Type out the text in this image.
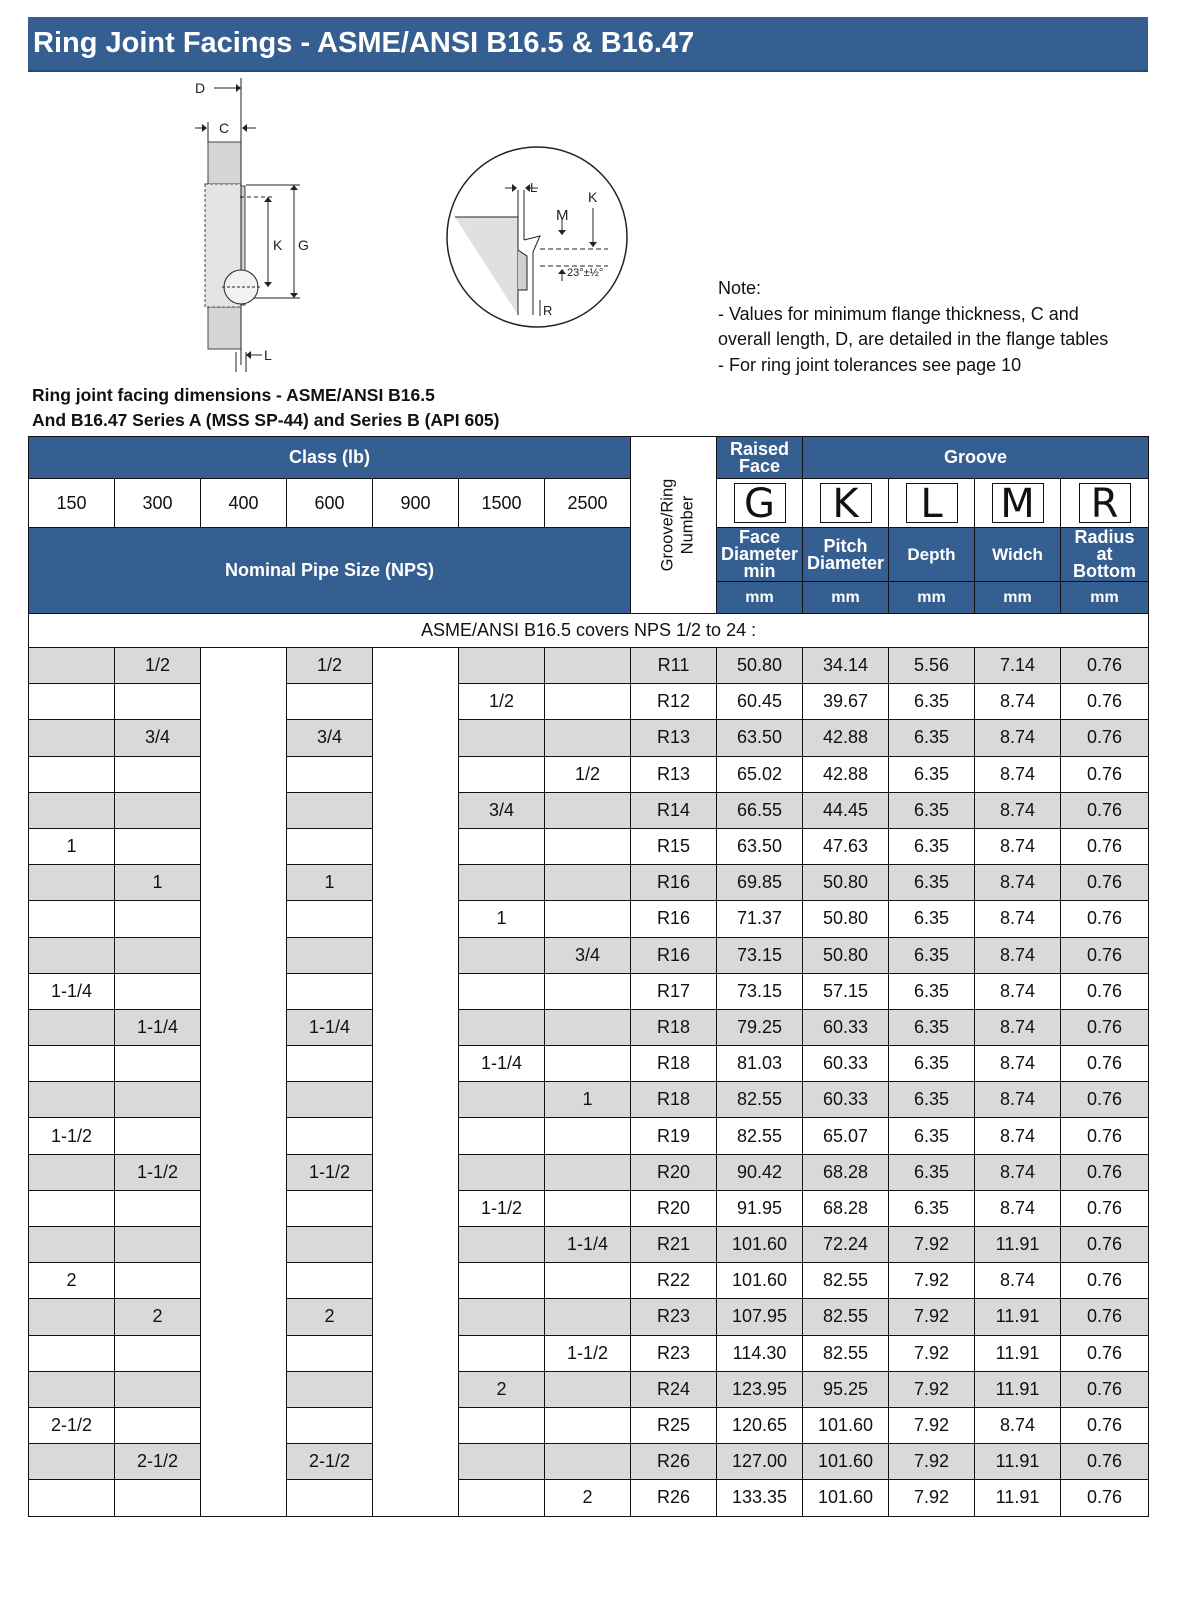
Ring Joint Facings - ASME/ANSI B16.5 & B16.47
D
C
K G
L
M
K
L
23°±½°
R
Note:
- Values for minimum flange thickness, C and
overall length, D, are detailed in the flange tables
- For ring joint tolerances see page 10
Ring joint facing dimensions - ASME/ANSI B16.5
And B16.47 Series A (MSS SP-44) and Series B (API 605)
Class (lb)							Groove/Ring Number	Raised
Face	Groove			
150	300	400	600	900	1500	2500		G	K	L	M	R
Nominal Pipe Size (NPS)								Face
Diameter
min	Pitch
Diameter	Depth	Widch	Radius
at
Bottom
								mm	mm	mm	mm	mm
ASME/ANSI B16.5 covers NPS 1/2 to 24 :												
	1/2		1/2				R11	50.80	34.14	5.56	7.14	0.76
					1/2		R12	60.45	39.67	6.35	8.74	0.76
	3/4		3/4				R13	63.50	42.88	6.35	8.74	0.76
						1/2	R13	65.02	42.88	6.35	8.74	0.76
					3/4		R14	66.55	44.45	6.35	8.74	0.76
1							R15	63.50	47.63	6.35	8.74	0.76
	1		1				R16	69.85	50.80	6.35	8.74	0.76
					1		R16	71.37	50.80	6.35	8.74	0.76
						3/4	R16	73.15	50.80	6.35	8.74	0.76
1-1/4							R17	73.15	57.15	6.35	8.74	0.76
	1-1/4		1-1/4				R18	79.25	60.33	6.35	8.74	0.76
					1-1/4		R18	81.03	60.33	6.35	8.74	0.76
						1	R18	82.55	60.33	6.35	8.74	0.76
1-1/2							R19	82.55	65.07	6.35	8.74	0.76
	1-1/2		1-1/2				R20	90.42	68.28	6.35	8.74	0.76
					1-1/2		R20	91.95	68.28	6.35	8.74	0.76
						1-1/4	R21	101.60	72.24	7.92	11.91	0.76
2							R22	101.60	82.55	7.92	8.74	0.76
	2		2				R23	107.95	82.55	7.92	11.91	0.76
						1-1/2	R23	114.30	82.55	7.92	11.91	0.76
					2		R24	123.95	95.25	7.92	11.91	0.76
2-1/2							R25	120.65	101.60	7.92	8.74	0.76
	2-1/2		2-1/2				R26	127.00	101.60	7.92	11.91	0.76
						2	R26	133.35	101.60	7.92	11.91	0.76
